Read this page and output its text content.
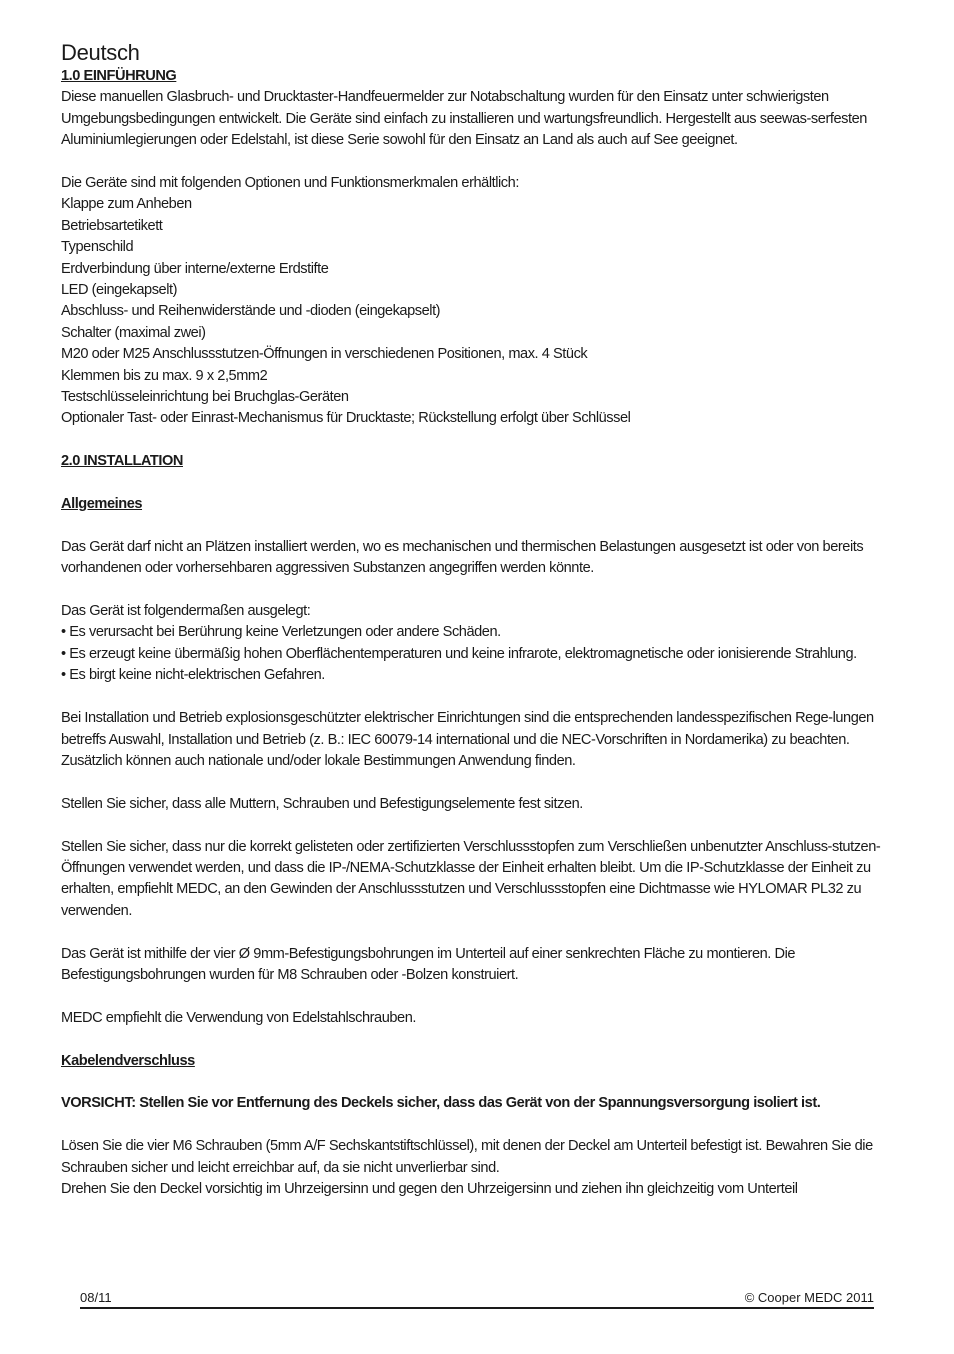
Deutsch

1.0 EINFÜHRUNG

Diese manuellen Glasbruch- und Drucktaster-Handfeuermelder zur Notabschaltung wurden für den Einsatz unter schwierigsten Umgebungsbedingungen entwickelt. Die Geräte sind einfach zu installieren und wartungsfreundlich. Hergestellt aus seewas-serfesten Aluminiumlegierungen oder Edelstahl, ist diese Serie sowohl für den Einsatz an Land als auch auf See geeignet.

Die Geräte sind mit folgenden Optionen und Funktionsmerkmalen erhältlich:

Klappe zum Anheben
Betriebsartetikett
Typenschild
Erdverbindung über interne/externe Erdstifte
LED (eingekapselt)
Abschluss- und Reihenwiderstände und -dioden (eingekapselt)
Schalter (maximal zwei)
M20 oder M25 Anschlussstutzen-Öffnungen in verschiedenen Positionen, max. 4 Stück
Klemmen bis zu max. 9 x 2,5mm2
Testschlüsseleinrichtung bei Bruchglas-Geräten
Optionaler Tast- oder Einrast-Mechanismus für Drucktaste; Rückstellung erfolgt über Schlüssel

2.0 INSTALLATION

Allgemeines

Das Gerät darf nicht an Plätzen installiert werden, wo es mechanischen und thermischen Belastungen ausgesetzt ist oder von bereits vorhandenen oder vorhersehbaren aggressiven Substanzen angegriffen werden könnte.

Das Gerät ist folgendermaßen ausgelegt:

• Es verursacht bei Berührung keine Verletzungen oder andere Schäden.
• Es erzeugt keine übermäßig hohen Oberflächentemperaturen und keine infrarote, elektromagnetische oder ionisierende Strahlung.
• Es birgt keine nicht-elektrischen Gefahren.

Bei Installation und Betrieb explosionsgeschützter elektrischer Einrichtungen sind die entsprechenden landesspezifischen Rege-lungen betreffs Auswahl, Installation und Betrieb (z. B.: IEC 60079-14 international und die NEC-Vorschriften in Nordamerika) zu beachten. Zusätzlich können auch nationale und/oder lokale Bestimmungen Anwendung finden.

Stellen Sie sicher, dass alle Muttern, Schrauben und Befestigungselemente fest sitzen.

Stellen Sie sicher, dass nur die korrekt gelisteten oder zertifizierten Verschlussstopfen zum Verschließen unbenutzter Anschluss-stutzen-Öffnungen verwendet werden, und dass die IP-/NEMA-Schutzklasse der Einheit erhalten bleibt. Um die IP-Schutzklasse der Einheit zu erhalten, empfiehlt MEDC, an den Gewinden der Anschlussstutzen und Verschlussstopfen eine Dichtmasse wie HYLOMAR PL32 zu verwenden.

Das Gerät ist mithilfe der vier Ø 9mm-Befestigungsbohrungen im Unterteil auf einer senkrechten Fläche zu montieren. Die Befestigungsbohrungen wurden für M8 Schrauben oder -Bolzen konstruiert.

MEDC empfiehlt die Verwendung von Edelstahlschrauben.

Kabelendverschluss

VORSICHT: Stellen Sie vor Entfernung des Deckels sicher, dass das Gerät von der Spannungsversorgung isoliert ist.

Lösen Sie die vier M6 Schrauben (5mm A/F Sechskantstiftschlüssel), mit denen der Deckel am Unterteil befestigt ist. Bewahren Sie die Schrauben sicher und leicht erreichbar auf, da sie nicht unverlierbar sind.

Drehen Sie den Deckel vorsichtig im Uhrzeigersinn und gegen den Uhrzeigersinn und ziehen ihn gleichzeitig vom Unterteil

08/11	© Cooper MEDC 2011
